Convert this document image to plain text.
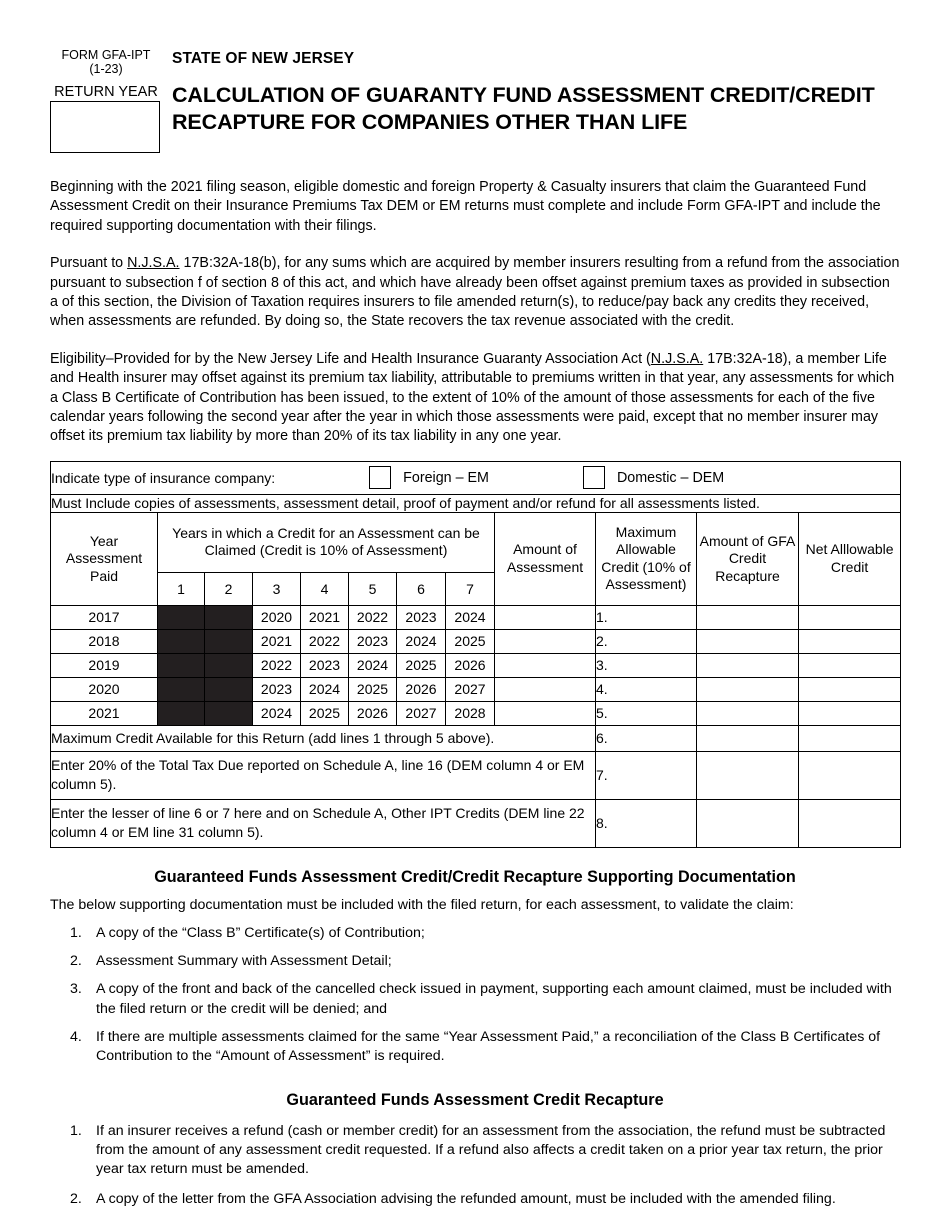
FORM GFA-IPT
(1-23)
RETURN YEAR
STATE OF NEW JERSEY
CALCULATION OF GUARANTY FUND ASSESSMENT CREDIT/CREDIT RECAPTURE FOR COMPANIES OTHER THAN LIFE

Beginning with the 2021 filing season, eligible domestic and foreign Property & Casualty insurers that claim the Guaranteed Fund Assessment Credit on their Insurance Premiums Tax DEM or EM returns must complete and include Form GFA-IPT and include the required supporting documentation with their filings.

Pursuant to N.J.S.A. 17B:32A-18(b), for any sums which are acquired by member insurers resulting from a refund from the association pursuant to subsection f of section 8 of this act, and which have already been offset against premium taxes as provided in subsection a of this section, the Division of Taxation requires insurers to file amended return(s), to reduce/pay back any credits they received, when assessments are refunded. By doing so, the State recovers the tax revenue associated with the credit.

Eligibility–Provided for by the New Jersey Life and Health Insurance Guaranty Association Act (N.J.S.A. 17B:32A-18), a member Life and Health insurer may offset against its premium tax liability, attributable to premiums written in that year, any assessments for which a Class B Certificate of Contribution has been issued, to the extent of 10% of the amount of those assessments for each of the five calendar years following the second year after the year in which those assessments were paid, except that no member insurer may offset its premium tax liability by more than 20% of its tax liability in any one year.

Indicate type of insurance company: Foreign – EM Domestic – DEM											

Must Include copies of assessments, assessment detail, proof of payment and/or refund for all assessments listed.											
Year Assessment Paid	Years in which a Credit for an Assessment can be Claimed (Credit is 10% of Assessment)							Amount of Assessment	Maximum Allowable Credit (10% of Assessment)	Amount of GFA Credit Recapture	Net Alllowable Credit
	1	2	3	4	5	6	7				
2017			2020	2021	2022	2023	2024		1.		
2018			2021	2022	2023	2024	2025		2.		
2019			2022	2023	2024	2025	2026		3.		
2020			2023	2024	2025	2026	2027		4.		
2021			2024	2025	2026	2027	2028		5.		
Maximum Credit Available for this Return (add lines 1 through 5 above).									6.		
Enter 20% of the Total Tax Due reported on Schedule A, line 16 (DEM column 4 or EM column 5).									7.		
Enter the lesser of line 6 or 7 here and on Schedule A, Other IPT Credits (DEM line 22 column 4 or EM line 31 column 5).									8.		
Guaranteed Funds Assessment Credit/Credit Recapture Supporting Documentation
The below supporting documentation must be included with the filed return, for each assessment, to validate the claim:
A copy of the “Class B” Certificate(s) of Contribution;
Assessment Summary with Assessment Detail;
A copy of the front and back of the cancelled check issued in payment, supporting each amount claimed, must be included with the filed return or the credit will be denied; and
If there are multiple assessments claimed for the same “Year Assessment Paid,” a reconciliation of the Class B Certificates of Contribution to the “Amount of Assessment” is required.
Guaranteed Funds Assessment Credit Recapture
If an insurer receives a refund (cash or member credit) for an assessment from the association, the refund must be subtracted from the amount of any assessment credit requested. If a refund also affects a credit taken on a prior year tax return, the prior year tax return must be amended.
A copy of the letter from the GFA Association advising the refunded amount, must be included with the amended filing.
